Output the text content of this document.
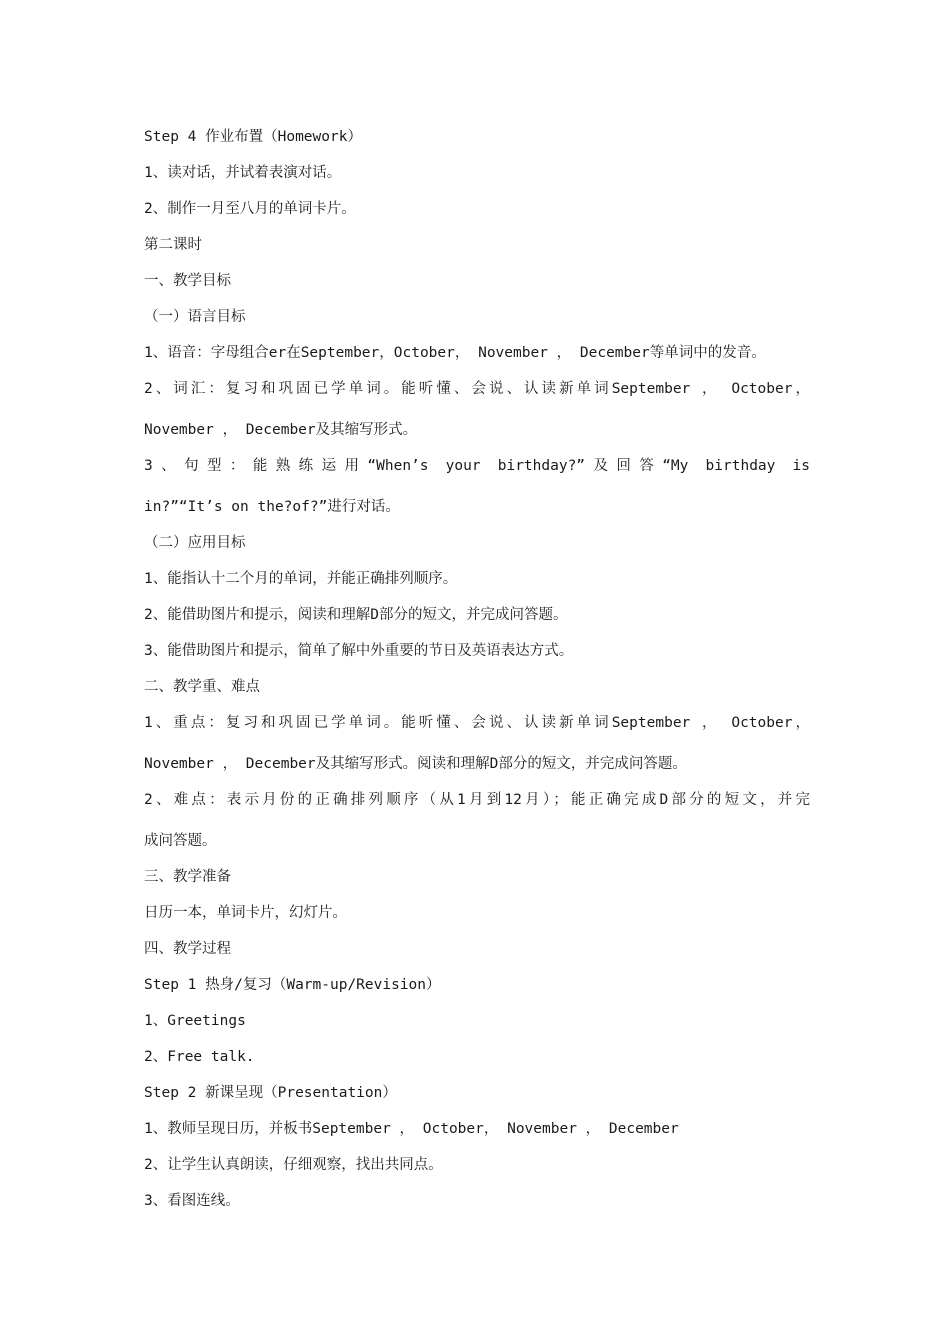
Step 4 作业布置（Homework）
1、读对话，并试着表演对话。
2、制作一月至八月的单词卡片。
第二课时
一、教学目标
（一）语言目标
1、语音：字母组合er在September，October， November ， December等单词中的发音。
2、词汇：复习和巩固已学单词。能听懂、会说、认读新单词September ， October，
November ， December及其缩写形式。
3、句型：能熟练运用“When’s your birthday?”及回答“My birthday is
in?”“It’s on the?of?”进行对话。
（二）应用目标
1、能指认十二个月的单词，并能正确排列顺序。
2、能借助图片和提示，阅读和理解D部分的短文，并完成问答题。
3、能借助图片和提示，简单了解中外重要的节日及英语表达方式。
二、教学重、难点
1、重点：复习和巩固已学单词。能听懂、会说、认读新单词September ， October，
November ， December及其缩写形式。阅读和理解D部分的短文，并完成问答题。
2、难点：表示月份的正确排列顺序（从1月到12月）；能正确完成D部分的短文，并完
成问答题。
三、教学准备
日历一本，单词卡片，幻灯片。
四、教学过程
Step 1 热身/复习（Warm-up/Revision）
1、Greetings
2、Free talk.
Step 2 新课呈现（Presentation）
1、教师呈现日历，并板书September ， October， November ， December
2、让学生认真朗读，仔细观察，找出共同点。
3、看图连线。
